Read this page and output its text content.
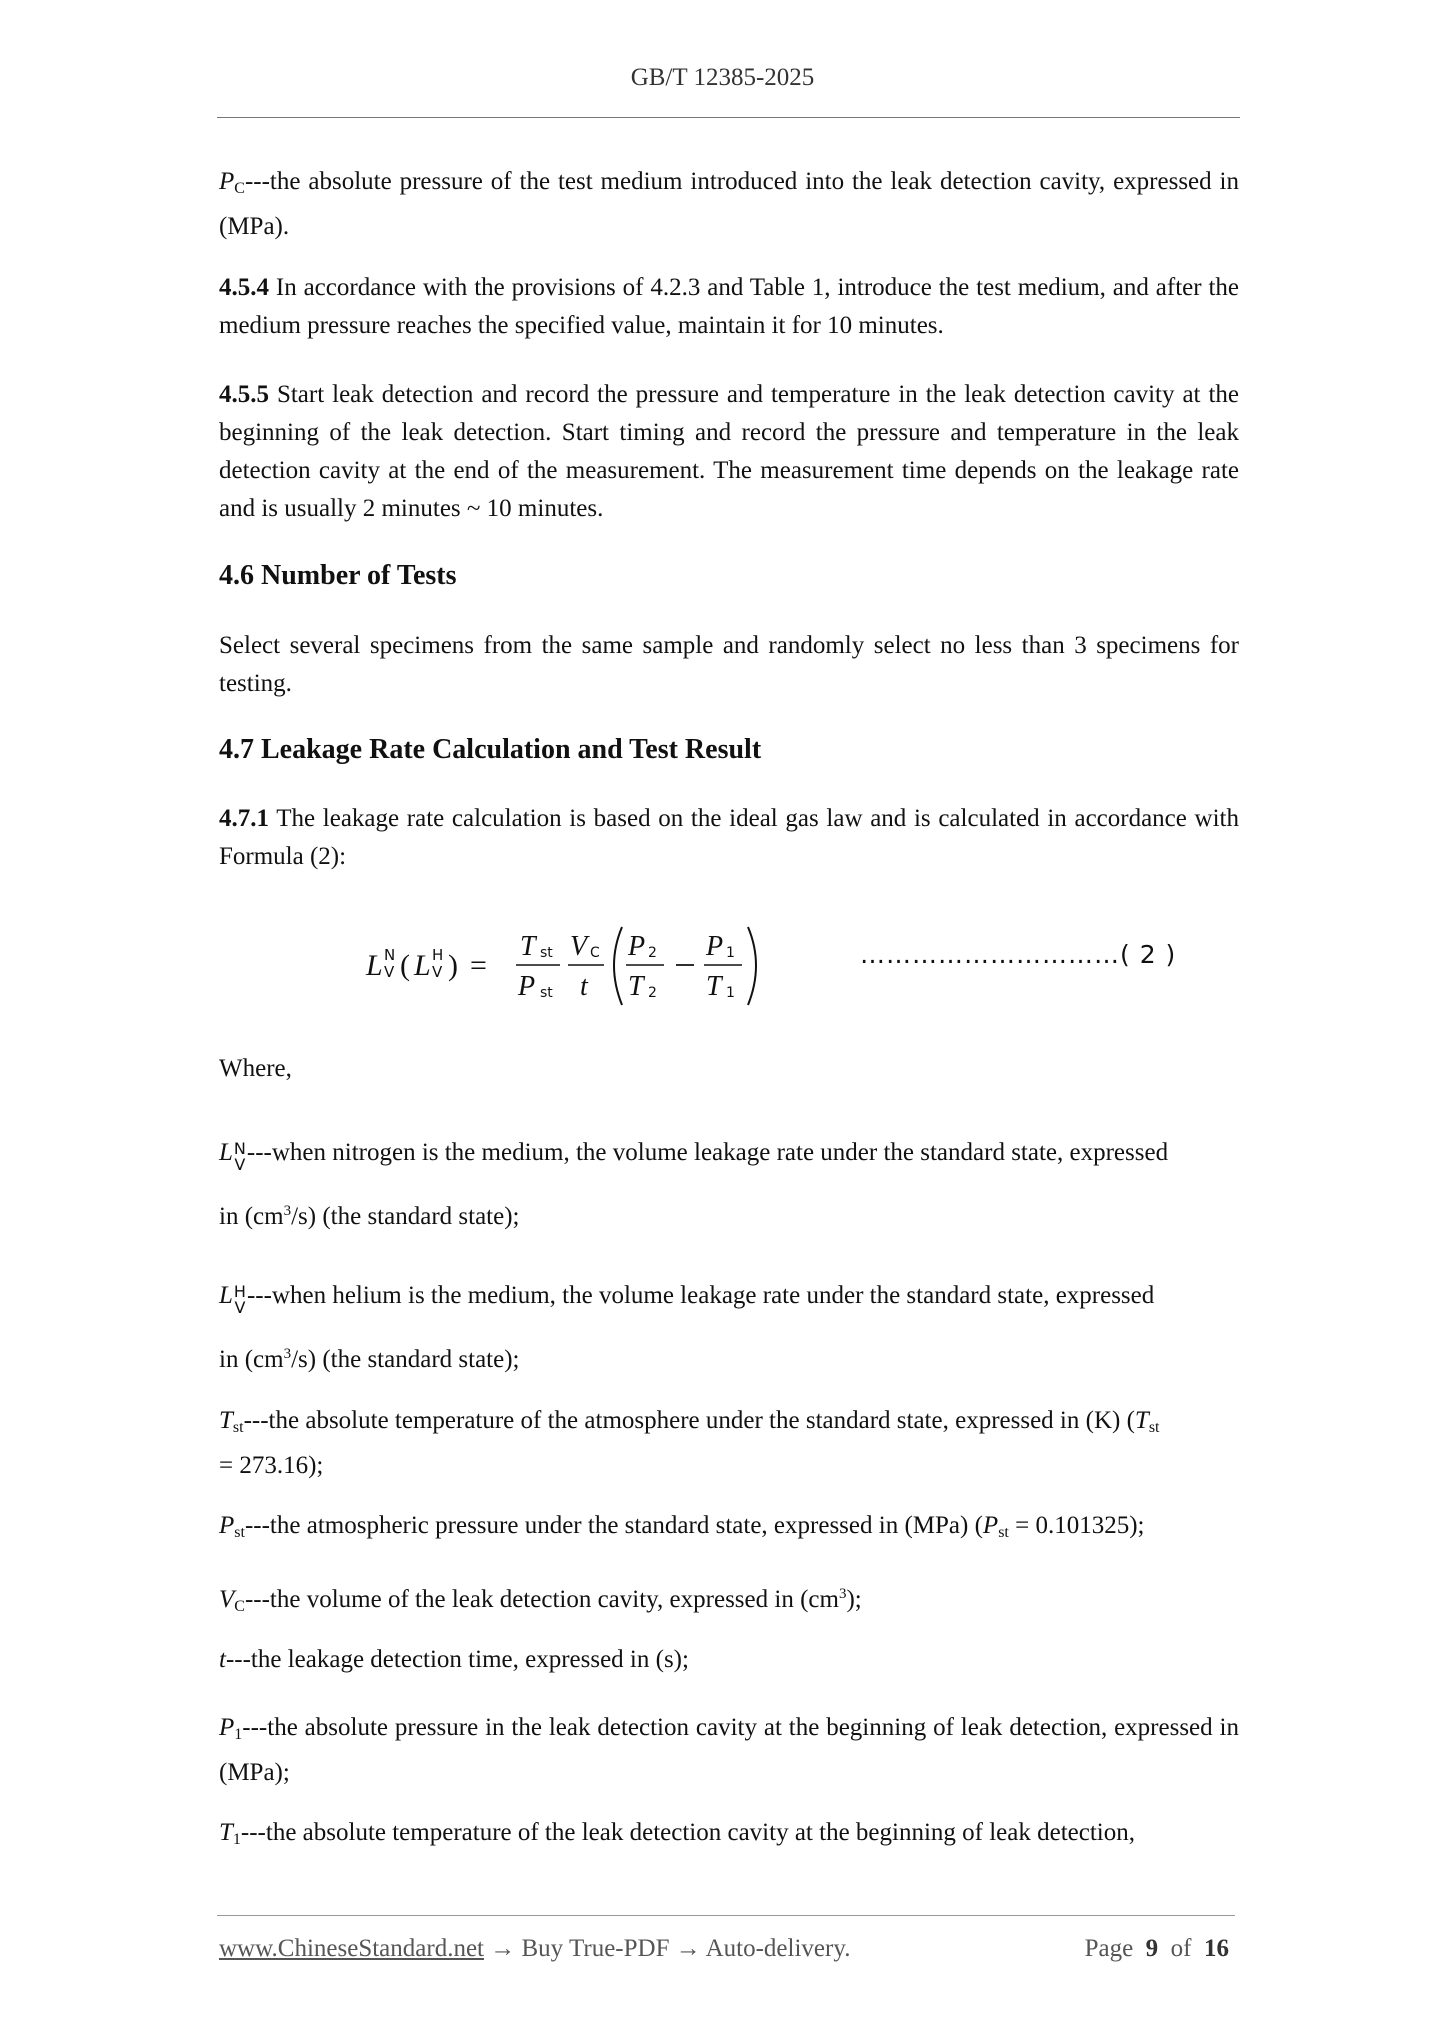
GB/T 12385-2025
$P_C--$-the absolute pressure of the test medium introduced into the leak detection cavity, expressed in (MPa).
4.5.4 In accordance with the provisions of 4.2.3 and Table 1, introduce the test medium, and after the medium pressure reaches the specified value, maintain it for 10 minutes.
4.5.5 Start leak detection and record the pressure and temperature in the leak detection cavity at the beginning of the leak detection. Start timing and record the pressure and temperature in the leak detection cavity at the end of the measurement. The measurement time depends on the leakage rate and is usually 2 minutes ~ 10 minutes.
4.6 Number of Tests
Select several specimens from the same sample and randomly select no less than 3 specimens for testing.
4.7 Leakage Rate Calculation and Test Result
4.7.1 The leakage rate calculation is based on the ideal gas law and is calculated in accordance with Formula (2):
L N
V ( L H
V ) =
T st
P st
V C
t
P 2
T 2
P 1
T 1
…………………………( 2 )
Where,
LN
V---when nitrogen is the medium, the volume leakage rate under the standard state, expressed
in $(cm^3/s)$ (the standard state);
LH
V---when helium is the medium, the volume leakage rate under the standard state, expressed
in $(cm^3/s)$ (the standard state);
$T_{st}--$-the absolute temperature of the atmosphere under the standard state, expressed in (K) ($T_{st}$
= 273.16);
$P_{st}--$-the atmospheric pressure under the standard state, expressed in (MPa) $(P_{st} = 0.101325)$;
$V_C--$-the volume of the leak detection cavity, expressed in $(cm^3)$;
t---the leakage detection time, expressed in (s);
$P_1--$-the absolute pressure in the leak detection cavity at the beginning of leak detection, expressed in (MPa);
$T_1--$-the absolute temperature of the leak detection cavity at the beginning of leak detection,
www.ChineseStandard.net → Buy True-PDF → Auto-delivery.	Page 9 of 16
